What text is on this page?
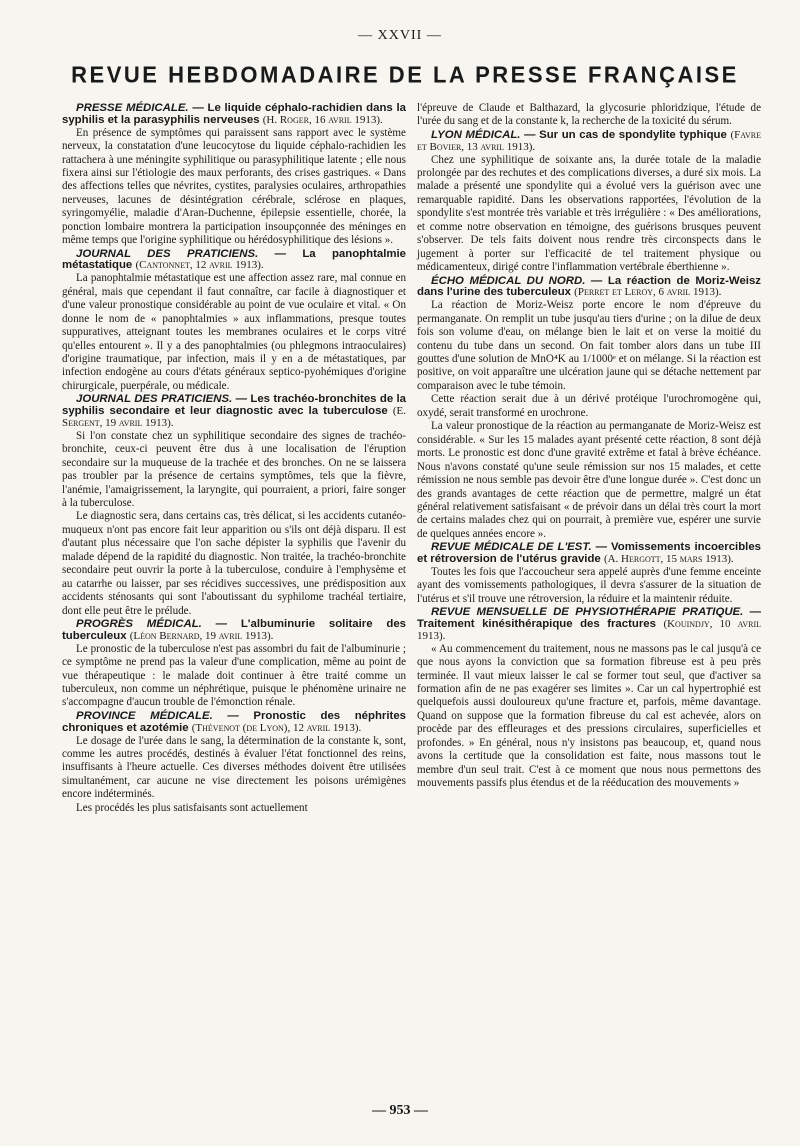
— XXVII —
REVUE HEBDOMADAIRE DE LA PRESSE FRANÇAISE

PRESSE MÉDICALE. — Le liquide céphalo-rachidien dans la syphilis et la parasyphilis nerveuses (H. Roger, 16 avril 1913).

En présence de symptômes qui paraissent sans rapport avec le système nerveux, la constatation d'une leucocytose du liquide céphalo-rachidien les rattachera à une méningite syphilitique ou parasyphilitique latente ; elle nous fixera ainsi sur l'étiologie des maux perforants, des crises gastriques. « Dans des affections telles que névrites, cystites, paralysies oculaires, arthropathies nerveuses, lacunes de désintégration cérébrale, sclérose en plaques, syringomyélie, maladie d'Aran-Duchenne, épilepsie essentielle, chorée, la ponction lombaire montrera la participation insoupçonnée des méninges en même temps que l'origine syphilitique ou hérédosyphilitique des lésions ».

JOURNAL DES PRATICIENS. — La panophtalmie métastatique (Cantonnet, 12 avril 1913).

La panophtalmie métastatique est une affection assez rare, mal connue en général, mais que cependant il faut connaître, car facile à diagnostiquer et d'une valeur pronostique considérable au point de vue oculaire et vital. « On donne le nom de « panophtalmies » aux inflammations, presque toutes suppuratives, atteignant toutes les membranes oculaires et le corps vitré qu'elles entourent ». Il y a des panophtalmies (ou phlegmons intraoculaires) d'origine traumatique, par infection, mais il y en a de métastatiques, par infection endogène au cours d'états généraux septico-pyohémiques d'origine chirurgicale, puerpérale, ou médicale.

JOURNAL DES PRATICIENS. — Les trachéo-bronchites de la syphilis secondaire et leur diagnostic avec la tuberculose (E. Sergent, 19 avril 1913).

Si l'on constate chez un syphilitique secondaire des signes de trachéo-bronchite, ceux-ci peuvent être dus à une localisation de l'éruption secondaire sur la muqueuse de la trachée et des bronches. On ne se laissera pas troubler par la présence de certains symptômes, tels que la fièvre, l'anémie, l'amaigrissement, la laryngite, qui pourraient, a priori, faire songer à la tuberculose.

Le diagnostic sera, dans certains cas, très délicat, si les accidents cutanéo-muqueux n'ont pas encore fait leur apparition ou s'ils ont déjà disparu. Il est d'autant plus nécessaire que l'on sache dépister la syphilis que l'avenir du malade dépend de la rapidité du diagnostic. Non traitée, la trachéo-bronchite secondaire peut ouvrir la porte à la tuberculose, conduire à l'emphysème et au catarrhe ou laisser, par ses récidives successives, une prédisposition aux accidents sténosants qui sont l'aboutissant du syphilome trachéal tertiaire, dont elle peut être le prélude.

PROGRÈS MÉDICAL. — L'albuminurie solitaire des tuberculeux (Léon Bernard, 19 avril 1913).

Le pronostic de la tuberculose n'est pas assombri du fait de l'albuminurie ; ce symptôme ne prend pas la valeur d'une complication, même au point de vue thérapeutique : le malade doit continuer à être traité comme un tuberculeux, non comme un néphrétique, puisque le phénomène urinaire ne s'accompagne d'aucun trouble de l'émonction rénale.

PROVINCE MÉDICALE. — Pronostic des néphrites chroniques et azotémie (Thévenot (de Lyon), 12 avril 1913).

Le dosage de l'urée dans le sang, la détermination de la constante k, sont, comme les autres procédés, destinés à évaluer l'état fonctionnel des reins, insuffisants à l'heure actuelle. Ces diverses méthodes doivent être utilisées simultanément, car aucune ne vise directement les poisons urémigènes encore indéterminés.

Les procédés les plus satisfaisants sont actuellement

l'épreuve de Claude et Balthazard, la glycosurie phloridzique, l'étude de l'urée du sang et de la constante k, la recherche de la toxicité du sérum.

LYON MÉDICAL. — Sur un cas de spondylite typhique (Favre et Bovier, 13 avril 1913).

Chez une syphilitique de soixante ans, la durée totale de la maladie prolongée par des rechutes et des complications diverses, a duré six mois. La malade a présenté une spondylite qui a évolué vers la guérison avec une remarquable rapidité. Dans les observations rapportées, l'évolution de la spondylite s'est montrée très variable et très irrégulière : « Des améliorations, et comme notre observation en témoigne, des guérisons brusques peuvent s'observer. De tels faits doivent nous rendre très circonspects dans le jugement à porter sur l'efficacité de tel traitement physique ou médicamenteux, dirigé contre l'inflammation vertébrale éberthienne ».

ÉCHO MÉDICAL DU NORD. — La réaction de Moriz-Weisz dans l'urine des tuberculeux (Perret et Leroy, 6 avril 1913).

La réaction de Moriz-Weisz porte encore le nom d'épreuve du permanganate. On remplit un tube jusqu'au tiers d'urine ; on la dilue de deux fois son volume d'eau, on mélange bien le lait et on verse la moitié du contenu du tube dans un second. On fait tomber alors dans un tube III gouttes d'une solution de MnO⁴K au 1/1000ᵉ et on mélange. Si la réaction est positive, on voit apparaître une ulcération jaune qui se détache nettement par comparaison avec le tube témoin.

Cette réaction serait due à un dérivé protéique l'urochromogène qui, oxydé, serait transformé en urochrone.

La valeur pronostique de la réaction au permanganate de Moriz-Weisz est considérable. « Sur les 15 malades ayant présenté cette réaction, 8 sont déjà morts. Le pronostic est donc d'une gravité extrême et fatal à brève échéance. Nous n'avons constaté qu'une seule rémission sur nos 15 malades, et cette rémission ne nous semble pas devoir être d'une longue durée ». C'est donc un des grands avantages de cette réaction que de permettre, malgré un état général relativement satisfaisant « de prévoir dans un délai très court la mort de certains malades chez qui on pourrait, à première vue, espérer une survie de quelques années encore ».

REVUE MÉDICALE DE L'EST. — Vomissements incoercibles et rétroversion de l'utérus gravide (A. Hergott, 15 mars 1913).

Toutes les fois que l'accoucheur sera appelé auprès d'une femme enceinte ayant des vomissements pathologiques, il devra s'assurer de la situation de l'utérus et s'il trouve une rétroversion, la réduire et la maintenir réduite.

REVUE MENSUELLE DE PHYSIOTHÉRAPIE PRATIQUE. — Traitement kinésithérapique des fractures (Kouindjy, 10 avril 1913).

« Au commencement du traitement, nous ne massons pas le cal jusqu'à ce que nous ayons la conviction que sa formation fibreuse est à peu près terminée. Il vaut mieux laisser le cal se former tout seul, que d'activer sa formation afin de ne pas exagérer ses limites ». Car un cal hypertrophié est quelquefois aussi douloureux qu'une fracture et, parfois, même davantage. Quand on suppose que la formation fibreuse du cal est achevée, alors on procède par des effleurages et des pressions circulaires, superficielles et profondes. » En général, nous n'y insistons pas beaucoup, et, quand nous avons la certitude que la consolidation est faite, nous massons tout le membre d'un seul trait. C'est à ce moment que nous nous permettons des mouvements passifs plus étendus et de la rééducation des mouvements »

— 953 —
